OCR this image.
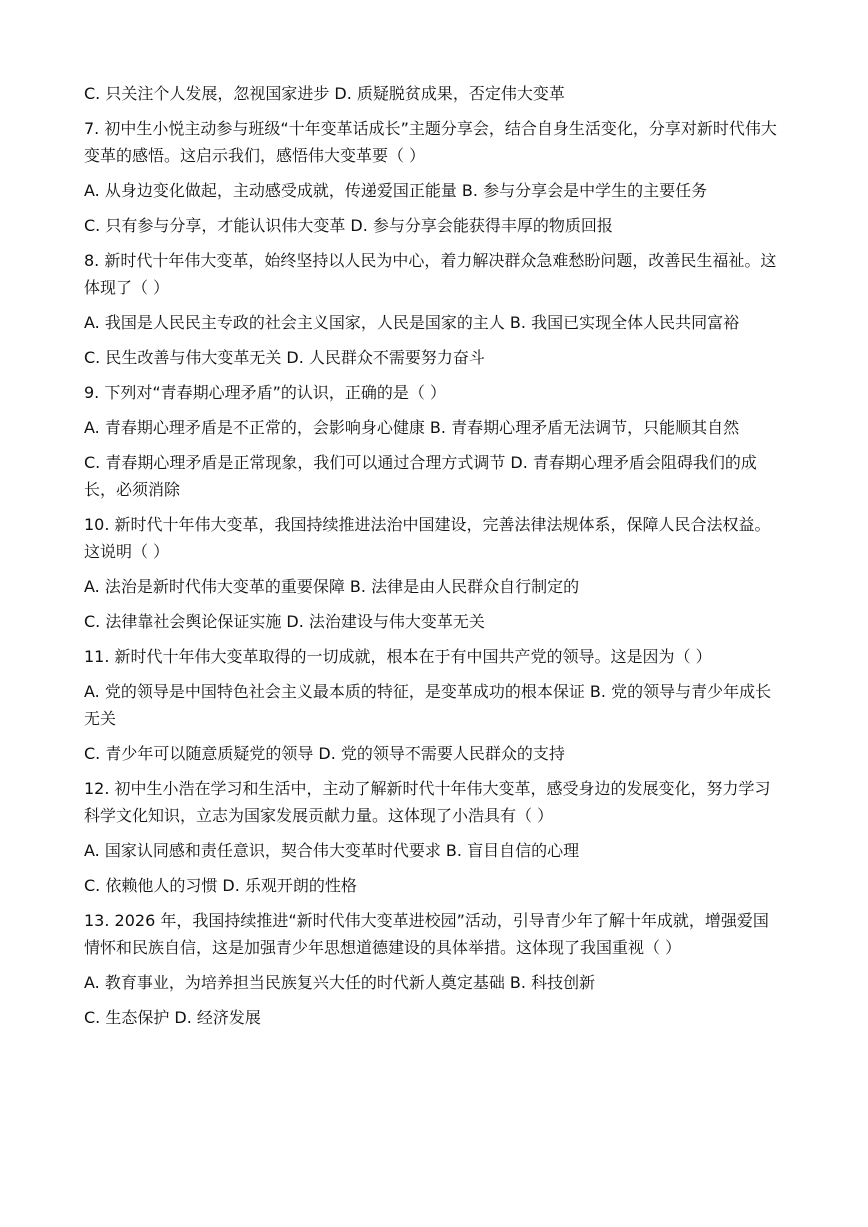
C. 只关注个人发展，忽视国家进步 D. 质疑脱贫成果，否定伟大变革

7. 初中生小悦主动参与班级“十年变革话成长”主题分享会，结合自身生活变化，分享对新时代伟大变革的感悟。这启示我们，感悟伟大变革要（ ）

A. 从身边变化做起，主动感受成就，传递爱国正能量 B. 参与分享会是中学生的主要任务

C. 只有参与分享，才能认识伟大变革 D. 参与分享会能获得丰厚的物质回报

8. 新时代十年伟大变革，始终坚持以人民为中心，着力解决群众急难愁盼问题，改善民生福祉。这体现了（ ）

A. 我国是人民民主专政的社会主义国家，人民是国家的主人 B. 我国已实现全体人民共同富裕

C. 民生改善与伟大变革无关 D. 人民群众不需要努力奋斗

9. 下列对“青春期心理矛盾”的认识，正确的是（ ）

A. 青春期心理矛盾是不正常的，会影响身心健康 B. 青春期心理矛盾无法调节，只能顺其自然

C. 青春期心理矛盾是正常现象，我们可以通过合理方式调节 D. 青春期心理矛盾会阻碍我们的成长，必须消除

10. 新时代十年伟大变革，我国持续推进法治中国建设，完善法律法规体系，保障人民合法权益。这说明（ ）

A. 法治是新时代伟大变革的重要保障 B. 法律是由人民群众自行制定的

C. 法律靠社会舆论保证实施 D. 法治建设与伟大变革无关

11. 新时代十年伟大变革取得的一切成就，根本在于有中国共产党的领导。这是因为（ ）

A. 党的领导是中国特色社会主义最本质的特征，是变革成功的根本保证 B. 党的领导与青少年成长无关

C. 青少年可以随意质疑党的领导 D. 党的领导不需要人民群众的支持

12. 初中生小浩在学习和生活中，主动了解新时代十年伟大变革，感受身边的发展变化，努力学习科学文化知识，立志为国家发展贡献力量。这体现了小浩具有（ ）

A. 国家认同感和责任意识，契合伟大变革时代要求 B. 盲目自信的心理

C. 依赖他人的习惯 D. 乐观开朗的性格

13. 2026 年，我国持续推进“新时代伟大变革进校园”活动，引导青少年了解十年成就，增强爱国情怀和民族自信，这是加强青少年思想道德建设的具体举措。这体现了我国重视（ ）

A. 教育事业，为培养担当民族复兴大任的时代新人奠定基础 B. 科技创新

C. 生态保护 D. 经济发展
